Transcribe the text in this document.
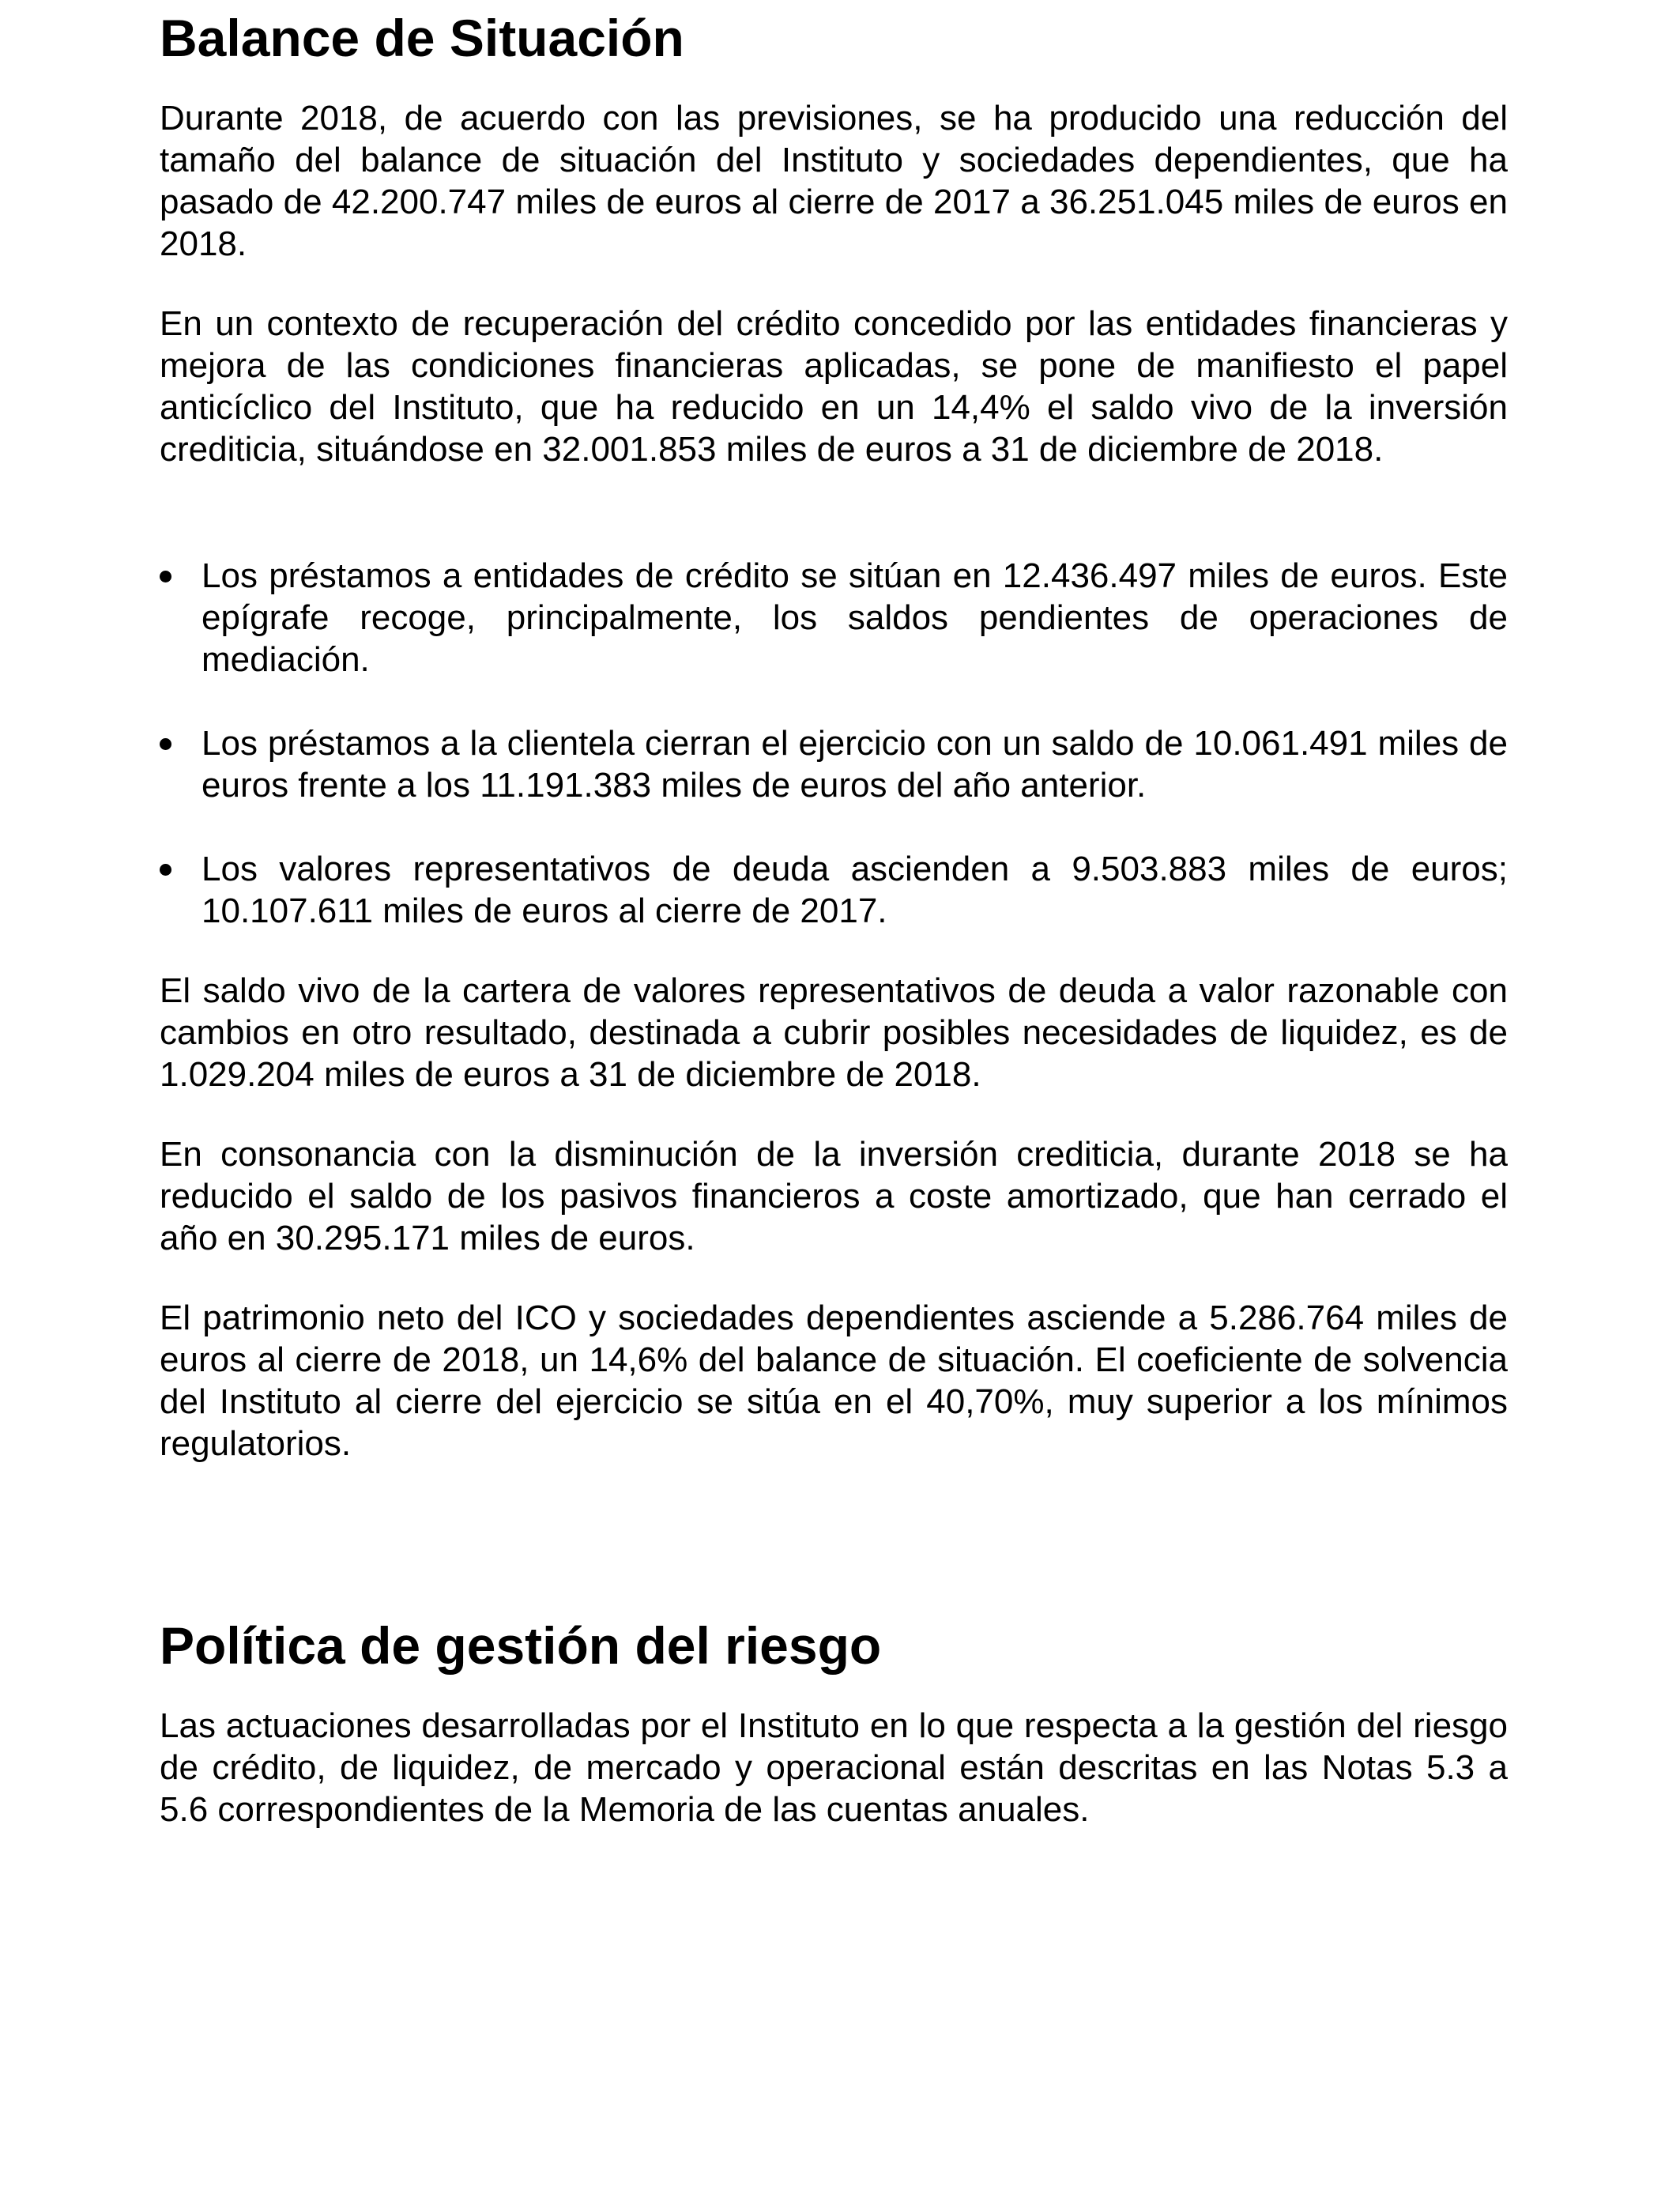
Balance de Situación

Durante 2018, de acuerdo con las previsiones, se ha producido una reducción del tamaño del balance de situación del Instituto y sociedades dependientes, que ha pasado de 42.200.747 miles de euros al cierre de 2017 a 36.251.045 miles de euros en 2018.

En un contexto de recuperación del crédito concedido por las entidades financieras y mejora de las condiciones financieras aplicadas, se pone de manifiesto el papel anticíclico del Instituto, que ha reducido en un 14,4% el saldo vivo de la inversión crediticia, situándose en 32.001.853 miles de euros a 31 de diciembre de 2018.

Los préstamos a entidades de crédito se sitúan en 12.436.497 miles de euros. Este epígrafe recoge, principalmente, los saldos pendientes de operaciones de mediación.
Los préstamos a la clientela cierran el ejercicio con un saldo de 10.061.491 miles de euros frente a los 11.191.383 miles de euros del año anterior.
Los valores representativos de deuda ascienden a 9.503.883 miles de euros; 10.107.611 miles de euros al cierre de 2017.

El saldo vivo de la cartera de valores representativos de deuda a valor razonable con cambios en otro resultado, destinada a cubrir posibles necesidades de liquidez, es de 1.029.204 miles de euros a 31 de diciembre de 2018.

En consonancia con la disminución de la inversión crediticia, durante 2018 se ha reducido el saldo de los pasivos financieros a coste amortizado, que han cerrado el año en 30.295.171 miles de euros.

El patrimonio neto del ICO y sociedades dependientes asciende a 5.286.764 miles de euros al cierre de 2018, un 14,6% del balance de situación. El coeficiente de solvencia del Instituto al cierre del ejercicio se sitúa en el 40,70%, muy superior a los mínimos regulatorios.

Política de gestión del riesgo

Las actuaciones desarrolladas por el Instituto en lo que respecta a la gestión del riesgo de crédito, de liquidez, de mercado y operacional están descritas en las Notas 5.3 a 5.6 correspondientes de la Memoria de las cuentas anuales.
